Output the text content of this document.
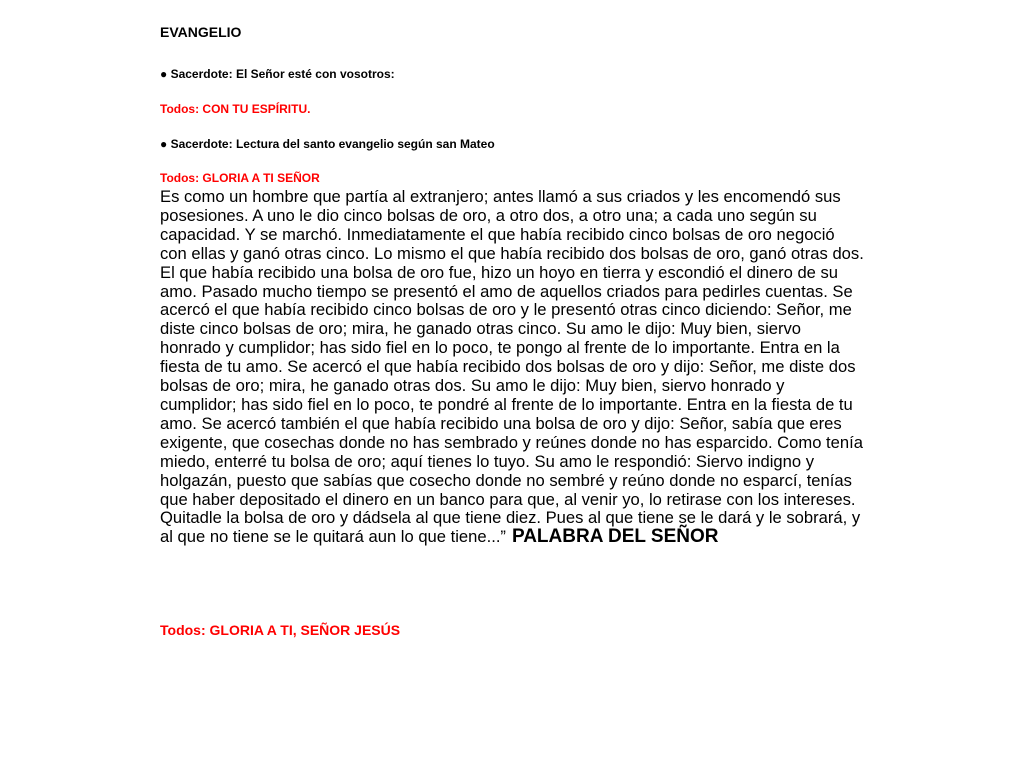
EVANGELIO
● Sacerdote: El Señor esté con vosotros:
Todos: CON TU ESPÍRITU.
● Sacerdote: Lectura del santo evangelio según san Mateo
Todos: GLORIA A TI SEÑOR

Es como un hombre que partía al extranjero; antes llamó a sus criados y les encomendó sus posesiones. A uno le dio cinco bolsas de oro, a otro dos, a otro una; a cada uno según su capacidad. Y se marchó. Inmediatamente el que había recibido cinco bolsas de oro negoció con ellas y ganó otras cinco. Lo mismo el que había recibido dos bolsas de oro, ganó otras dos. El que había recibido una bolsa de oro fue, hizo un hoyo en tierra y escondió el dinero de su amo. Pasado mucho tiempo se presentó el amo de aquellos criados para pedirles cuentas. Se acercó el que había recibido cinco bolsas de oro y le presentó otras cinco diciendo: Señor, me diste cinco bolsas de oro; mira, he ganado otras cinco. Su amo le dijo: Muy bien, siervo honrado y cumplidor; has sido fiel en lo poco, te pongo al frente de lo importante. Entra en la fiesta de tu amo. Se acercó el que había recibido dos bolsas de oro y dijo: Señor, me diste dos bolsas de oro; mira, he ganado otras dos. Su amo le dijo: Muy bien, siervo honrado y cumplidor; has sido fiel en lo poco, te pondré al frente de lo importante. Entra en la fiesta de tu amo. Se acercó también el que había recibido una bolsa de oro y dijo: Señor, sabía que eres exigente, que cosechas donde no has sembrado y reúnes donde no has esparcido. Como tenía miedo, enterré tu bolsa de oro; aquí tienes lo tuyo. Su amo le respondió: Siervo indigno y holgazán, puesto que sabías que cosecho donde no sembré y reúno donde no esparcí, tenías que haber depositado el dinero en un banco para que, al venir yo, lo retirase con los intereses. Quitadle la bolsa de oro y dádsela al que tiene diez. Pues al que tiene se le dará y le sobrará, y al que no tiene se le quitará aun lo que tiene...” PALABRA DEL SEÑOR

Todos: GLORIA A TI, SEÑOR JESÚS
